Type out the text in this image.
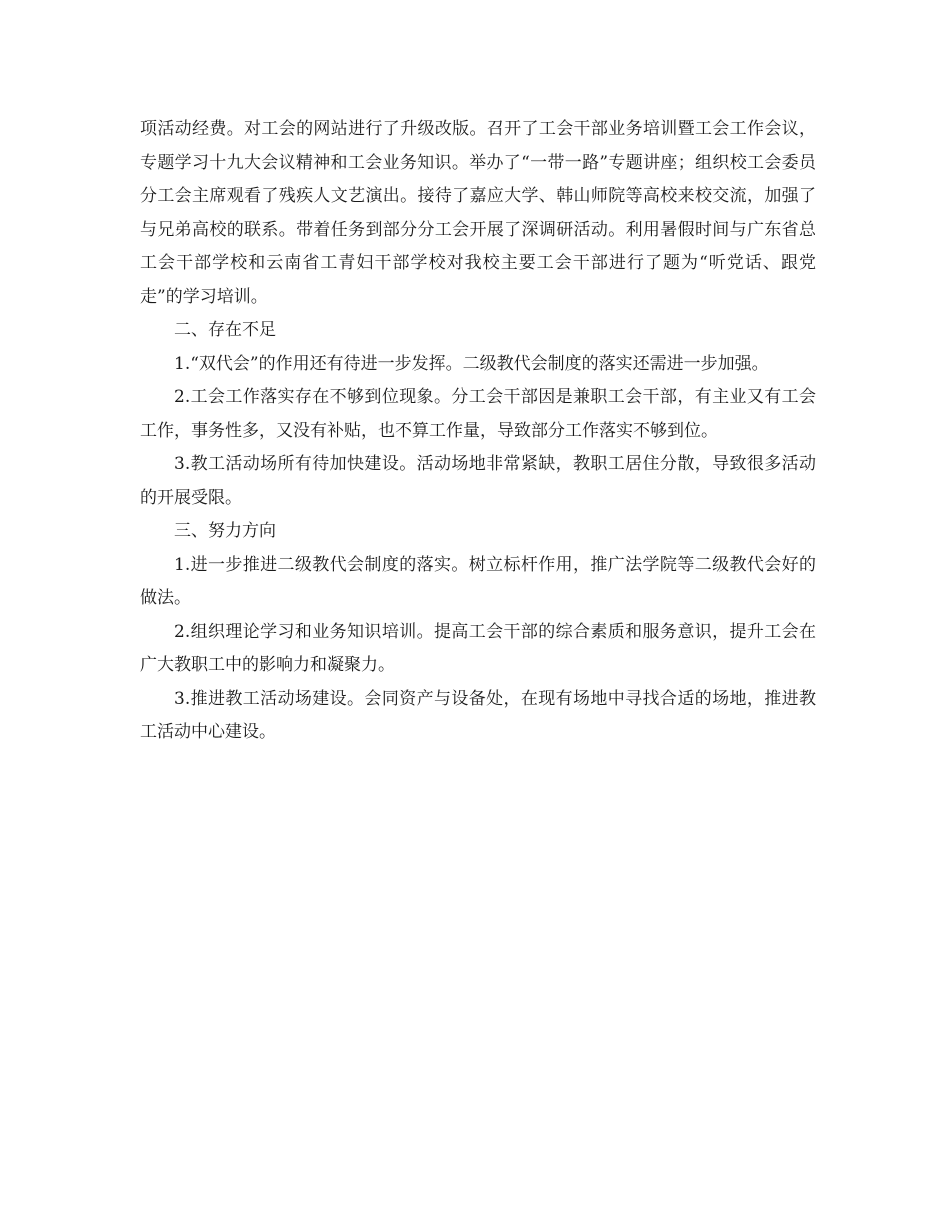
项活动经费。对工会的网站进行了升级改版。召开了工会干部业务培训暨工会工作会议，专题学习十九大会议精神和工会业务知识。举办了“一带一路”专题讲座；组织校工会委员分工会主席观看了残疾人文艺演出。接待了嘉应大学、韩山师院等高校来校交流，加强了与兄弟高校的联系。带着任务到部分分工会开展了深调研活动。利用暑假时间与广东省总工会干部学校和云南省工青妇干部学校对我校主要工会干部进行了题为“听党话、跟党走”的学习培训。

二、存在不足

1.“双代会”的作用还有待进一步发挥。二级教代会制度的落实还需进一步加强。

2.工会工作落实存在不够到位现象。分工会干部因是兼职工会干部，有主业又有工会工作，事务性多，又没有补贴，也不算工作量，导致部分工作落实不够到位。

3.教工活动场所有待加快建设。活动场地非常紧缺，教职工居住分散，导致很多活动的开展受限。

三、努力方向

1.进一步推进二级教代会制度的落实。树立标杆作用，推广法学院等二级教代会好的做法。

2.组织理论学习和业务知识培训。提高工会干部的综合素质和服务意识，提升工会在广大教职工中的影响力和凝聚力。

3.推进教工活动场建设。会同资产与设备处，在现有场地中寻找合适的场地，推进教工活动中心建设。
